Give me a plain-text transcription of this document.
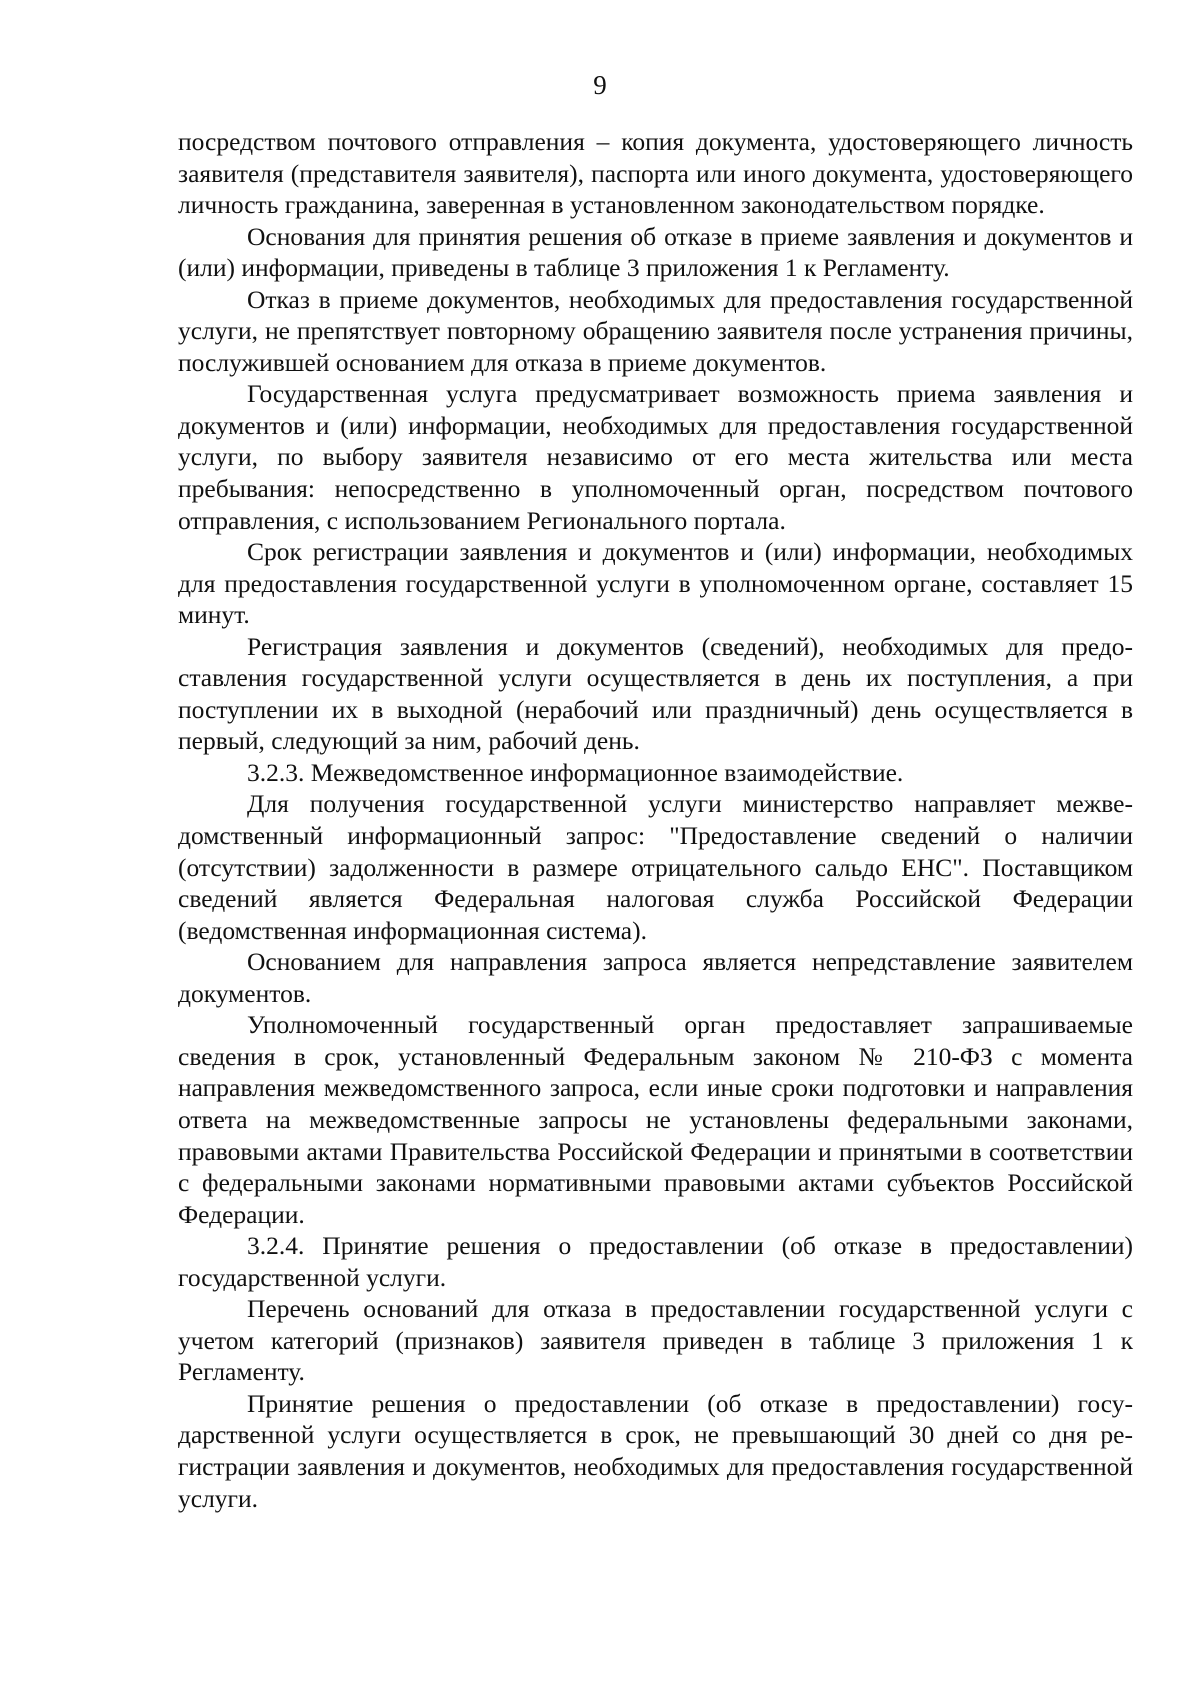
9

посредством почтового отправления – копия документа, удостоверяющего личность заявителя (представителя заявителя), паспорта или иного документа, удостоверяющего личность гражданина, заверенная в установленном законодательством порядке.

Основания для принятия решения об отказе в приеме заявления и документов и (или) информации, приведены в таблице 3 приложения 1 к Регламенту.

Отказ в приеме документов, необходимых для предоставления государственной услуги, не препятствует повторному обращению заявителя после устранения причины, послужившей основанием для отказа в приеме документов.

Государственная услуга предусматривает возможность приема заявления и документов и (или) информации, необходимых для предоставления государственной услуги, по выбору заявителя независимо от его места жительства или места пребывания: непосредственно в уполномоченный орган, посредством почтового отправления, с использованием Регионального портала.

Срок регистрации заявления и документов и (или) информации, необходимых для предоставления государственной услуги в уполномоченном органе, составляет 15 минут.

Регистрация заявления и документов (сведений), необходимых для предоставления государственной услуги осуществляется в день их поступления, а при поступлении их в выходной (нерабочий или праздничный) день осуществляется в первый, следующий за ним, рабочий день.

3.2.3. Межведомственное информационное взаимодействие.

Для получения государственной услуги министерство направляет межведомственный информационный запрос: "Предоставление сведений о наличии (отсутствии) задолженности в размере отрицательного сальдо ЕНС". Поставщиком сведений является Федеральная налоговая служба Российской Федерации (ведомственная информационная система).

Основанием для направления запроса является непредставление заявителем документов.

Уполномоченный государственный орган предоставляет запрашиваемые сведения в срок, установленный Федеральным законом № 210-ФЗ с момента направления межведомственного запроса, если иные сроки подготовки и направления ответа на межведомственные запросы не установлены федеральными законами, правовыми актами Правительства Российской Федерации и принятыми в соответствии с федеральными законами нормативными правовыми актами субъектов Российской Федерации.

3.2.4. Принятие решения о предоставлении (об отказе в предоставлении) государственной услуги.

Перечень оснований для отказа в предоставлении государственной услуги с учетом категорий (признаков) заявителя приведен в таблице 3 приложения 1 к Регламенту.

Принятие решения о предоставлении (об отказе в предоставлении) государственной услуги осуществляется в срок, не превышающий 30 дней со дня регистрации заявления и документов, необходимых для предоставления государственной услуги.
